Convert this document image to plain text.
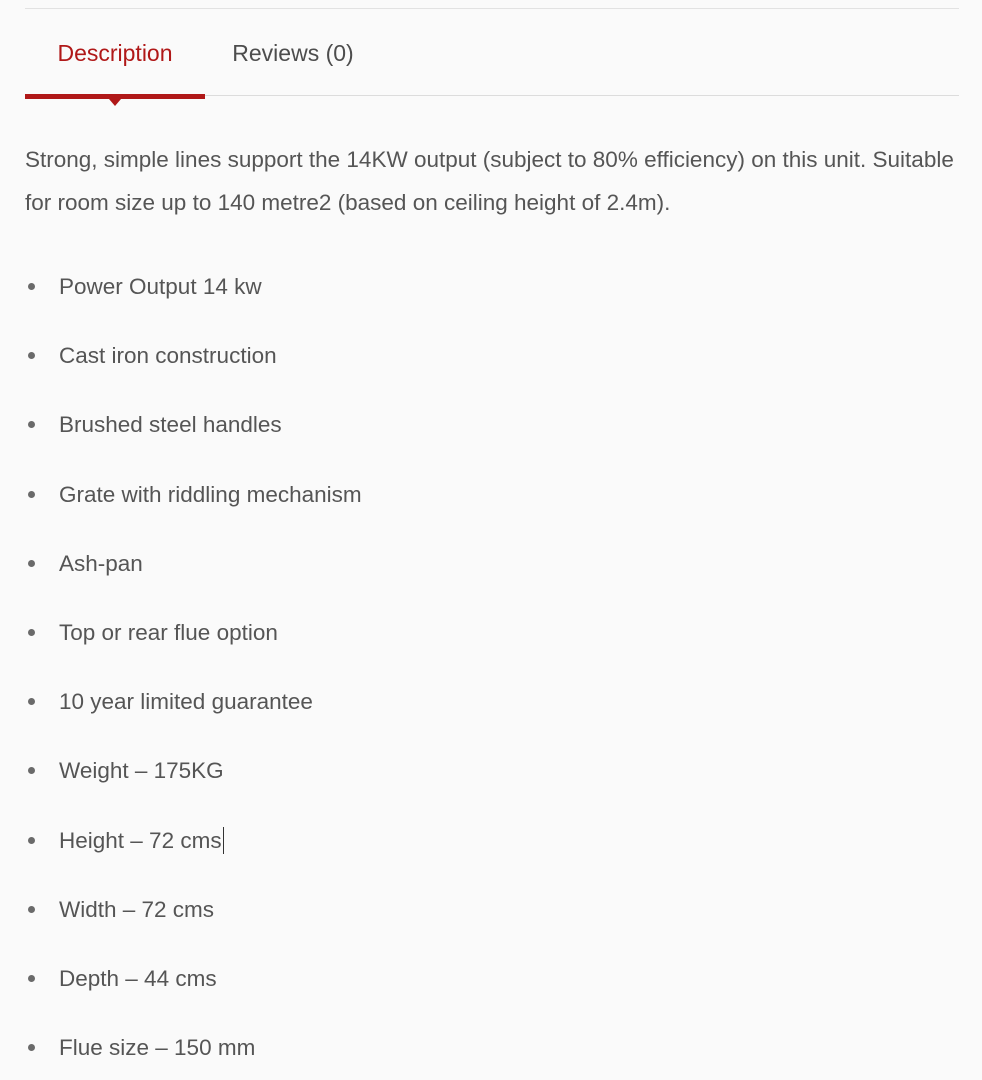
Description	Reviews (0)

Strong, simple lines support the 14KW output (subject to 80% efficiency) on this unit. Suitable for room size up to 140 metre2 (based on ceiling height of 2.4m).

Power Output 14 kw
Cast iron construction
Brushed steel handles
Grate with riddling mechanism
Ash-pan
Top or rear flue option
10 year limited guarantee
Weight – 175KG
Height – 72 cms
Width – 72 cms
Depth – 44 cms
Flue size – 150 mm
